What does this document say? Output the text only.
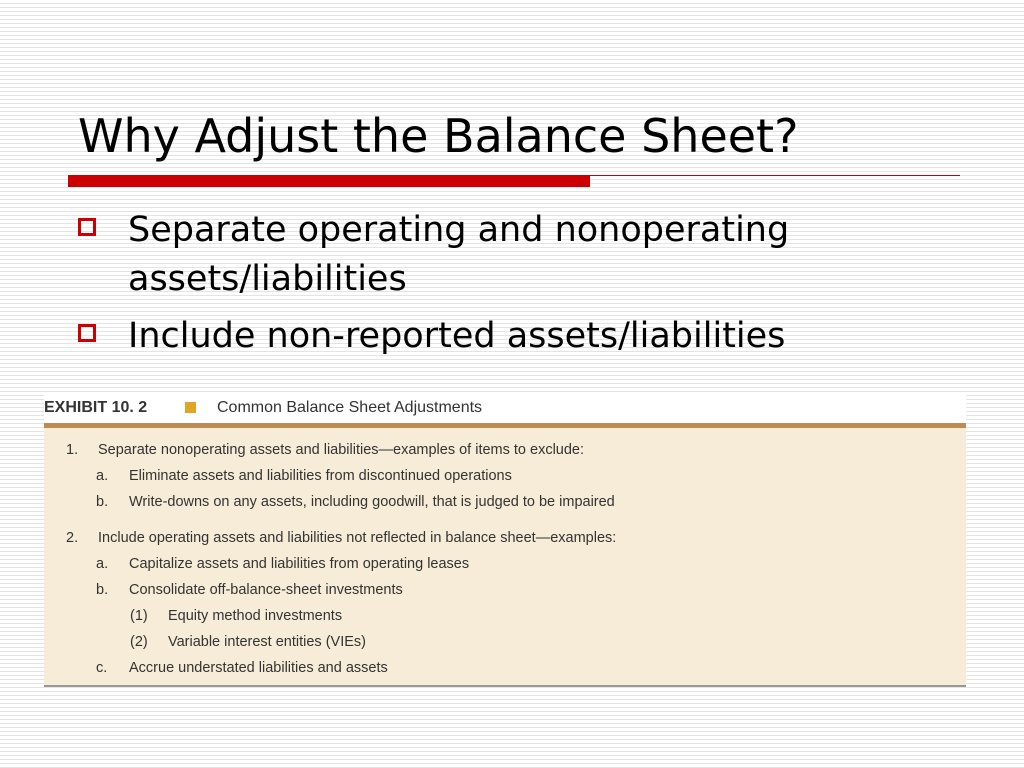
Why Adjust the Balance Sheet?
Separate operating and nonoperating
assets/liabilities
Include non-reported assets/liabilities
EXHIBIT 10. 2	Common Balance Sheet Adjustments
1. Separate nonoperating assets and liabilities—examples of items to exclude:
a. Eliminate assets and liabilities from discontinued operations
b. Write-downs on any assets, including goodwill, that is judged to be impaired
2. Include operating assets and liabilities not reflected in balance sheet—examples:
a. Capitalize assets and liabilities from operating leases
b. Consolidate off-balance-sheet investments
(1) Equity method investments
(2) Variable interest entities (VIEs)
c. Accrue understated liabilities and assets
